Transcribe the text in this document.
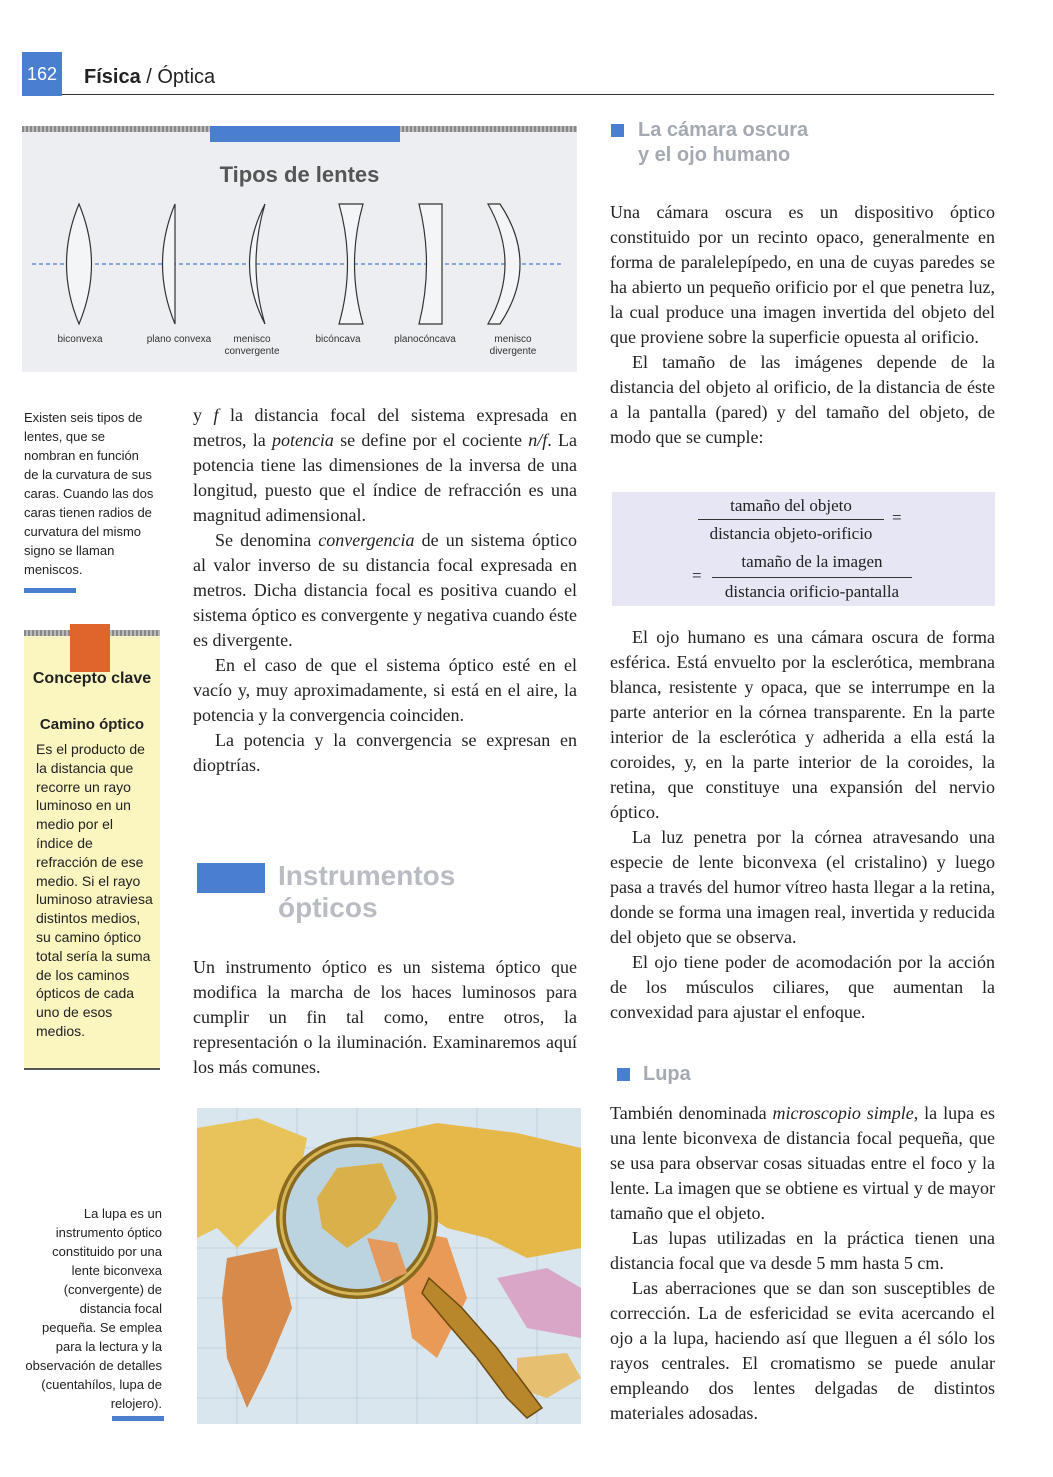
162 Física / Óptica
Tipos de lentes
biconvexa	plano convexa	menisco
convergente
bicóncava	planocóncava	menisco
divergente
Existen seis tipos de lentes, que se nombran en función de la curvatura de sus caras. Cuando las dos caras tienen radios de curvatura del mismo signo se llaman meniscos.
Concepto clave
Camino óptico
Es el producto de la distancia que recorre un rayo luminoso en un medio por el índice de refracción de ese medio. Si el rayo luminoso atraviesa distintos medios, su camino óptico total sería la suma de los caminos ópticos de cada uno de esos medios.
La lupa es un instrumento óptico constituido por una lente biconvexa (convergente) de distancia focal pequeña. Se emplea para la lectura y la observación de detalles (cuentahílos, lupa de relojero).

y f la distancia focal del sistema expresada en metros, la potencia se define por el cociente n/f. La potencia tiene las dimensiones de la inversa de una longitud, puesto que el índice de refracción es una magnitud adimensional.

Se denomina convergencia de un sistema óptico al valor inverso de su distancia focal expresada en metros. Dicha distancia focal es positiva cuando el sistema óptico es convergente y negativa cuando éste es divergente.

En el caso de que el sistema óptico esté en el vacío y, muy aproximadamente, si está en el aire, la potencia y la convergencia coinciden.

La potencia y la convergencia se expresan en dioptrías.

Instrumentos
ópticos

Un instrumento óptico es un sistema óptico que modifica la marcha de los haces luminosos para cumplir un fin tal como, entre otros, la representación o la iluminación. Examinaremos aquí los más comunes.

La cámara oscura
y el ojo humano

Una cámara oscura es un dispositivo óptico constituido por un recinto opaco, generalmente en forma de paralelepípedo, en una de cuyas paredes se ha abierto un pequeño orificio por el que penetra luz, la cual produce una imagen invertida del objeto del que proviene sobre la superficie opuesta al orificio.

El tamaño de las imágenes depende de la distancia del objeto al orificio, de la distancia de éste a la pantalla (pared) y del tamaño del objeto, de modo que se cumple:

tamaño del objeto
distancia objeto-orificio
=
=
tamaño de la imagen
distancia orificio-pantalla

El ojo humano es una cámara oscura de forma esférica. Está envuelto por la esclerótica, membrana blanca, resistente y opaca, que se interrumpe en la parte anterior en la córnea transparente. En la parte interior de la esclerótica y adherida a ella está la coroides, y, en la parte interior de la coroides, la retina, que constituye una expansión del nervio óptico.

La luz penetra por la córnea atravesando una especie de lente biconvexa (el cristalino) y luego pasa a través del humor vítreo hasta llegar a la retina, donde se forma una imagen real, invertida y reducida del objeto que se observa.

El ojo tiene poder de acomodación por la acción de los músculos ciliares, que aumentan la convexidad para ajustar el enfoque.

Lupa

También denominada microscopio simple, la lupa es una lente biconvexa de distancia focal pequeña, que se usa para observar cosas situadas entre el foco y la lente. La imagen que se obtiene es virtual y de mayor tamaño que el objeto.

Las lupas utilizadas en la práctica tienen una distancia focal que va desde 5 mm hasta 5 cm.

Las aberraciones que se dan son susceptibles de corrección. La de esfericidad se evita acercando el ojo a la lupa, haciendo así que lleguen a él sólo los rayos centrales. El cromatismo se puede anular empleando dos lentes delgadas de distintos materiales adosadas.
